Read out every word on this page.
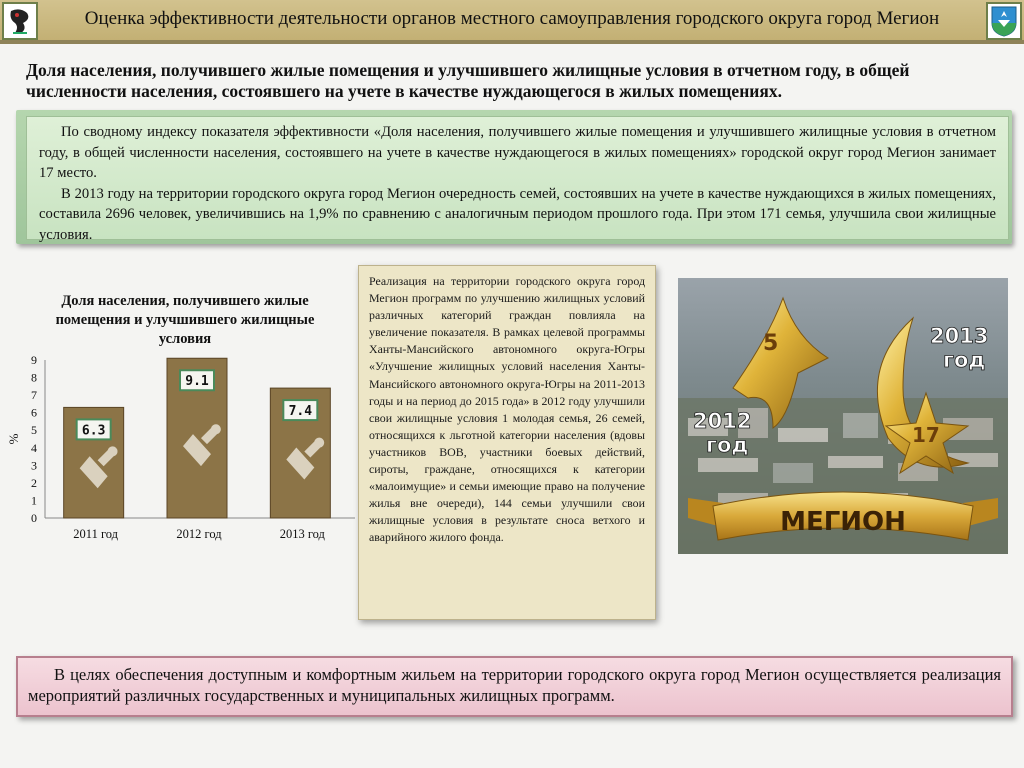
Оценка эффективности деятельности органов местного самоуправления городского округа город Мегион
Доля населения, получившего жилые помещения и улучшившего жилищные условия в отчетном году, в общей численности населения, состоявшего на учете в качестве нуждающегося в жилых помещениях.

По сводному индексу показателя эффективности «Доля населения, получившего жилые помещения и улучшившего жилищные условия в отчетном году, в общей численности населения, состоявшего на учете в качестве нуждающегося в жилых помещениях» городской округ город Мегион занимает 17 место.

В 2013 году на территории городского округа город Мегион очередность семей, состоявших на учете в качестве нуждающихся в жилых помещениях, составила 2696 человек, увеличившись на 1,9% по сравнению с аналогичным периодом прошлого года. При этом 171 семья, улучшила свои жилищные условия.

Доля населения, получившего жилые помещения и улучшившего жилищные условия
0
1
2
3
4
5
6
7
8
9
%
6.3
2011 год
9.1
2012 год
7.4
2013 год
Реализация на территории городского округа город Мегион программ по улучшению жилищных условий различных категорий граждан повлияла на увеличение показателя. В рамках целевой программы Ханты-Мансийского автономного округа-Югры «Улучшение жилищных условий населения Ханты-Мансийского автономного округа-Югры на 2011-2013 годы и на период до 2015 года» в 2012 году улучшили свои жилищные условия 1 молодая семья, 26 семей, относящихся к льготной категории населения (вдовы участников ВОВ, участники боевых действий, сироты, граждане, относящихся к категории «малоимущие» и семьи имеющие право на получение жилья вне очереди), 144 семьи улучшили свои жилищные условия в результате сноса ветхого и аварийного жилого фонда.
5
2012 год	17
2013 год
МЕГИОН
В целях обеспечения доступным и комфортным жильем на территории городского округа город Мегион осуществляется реализация мероприятий различных государственных и муниципальных жилищных программ.
